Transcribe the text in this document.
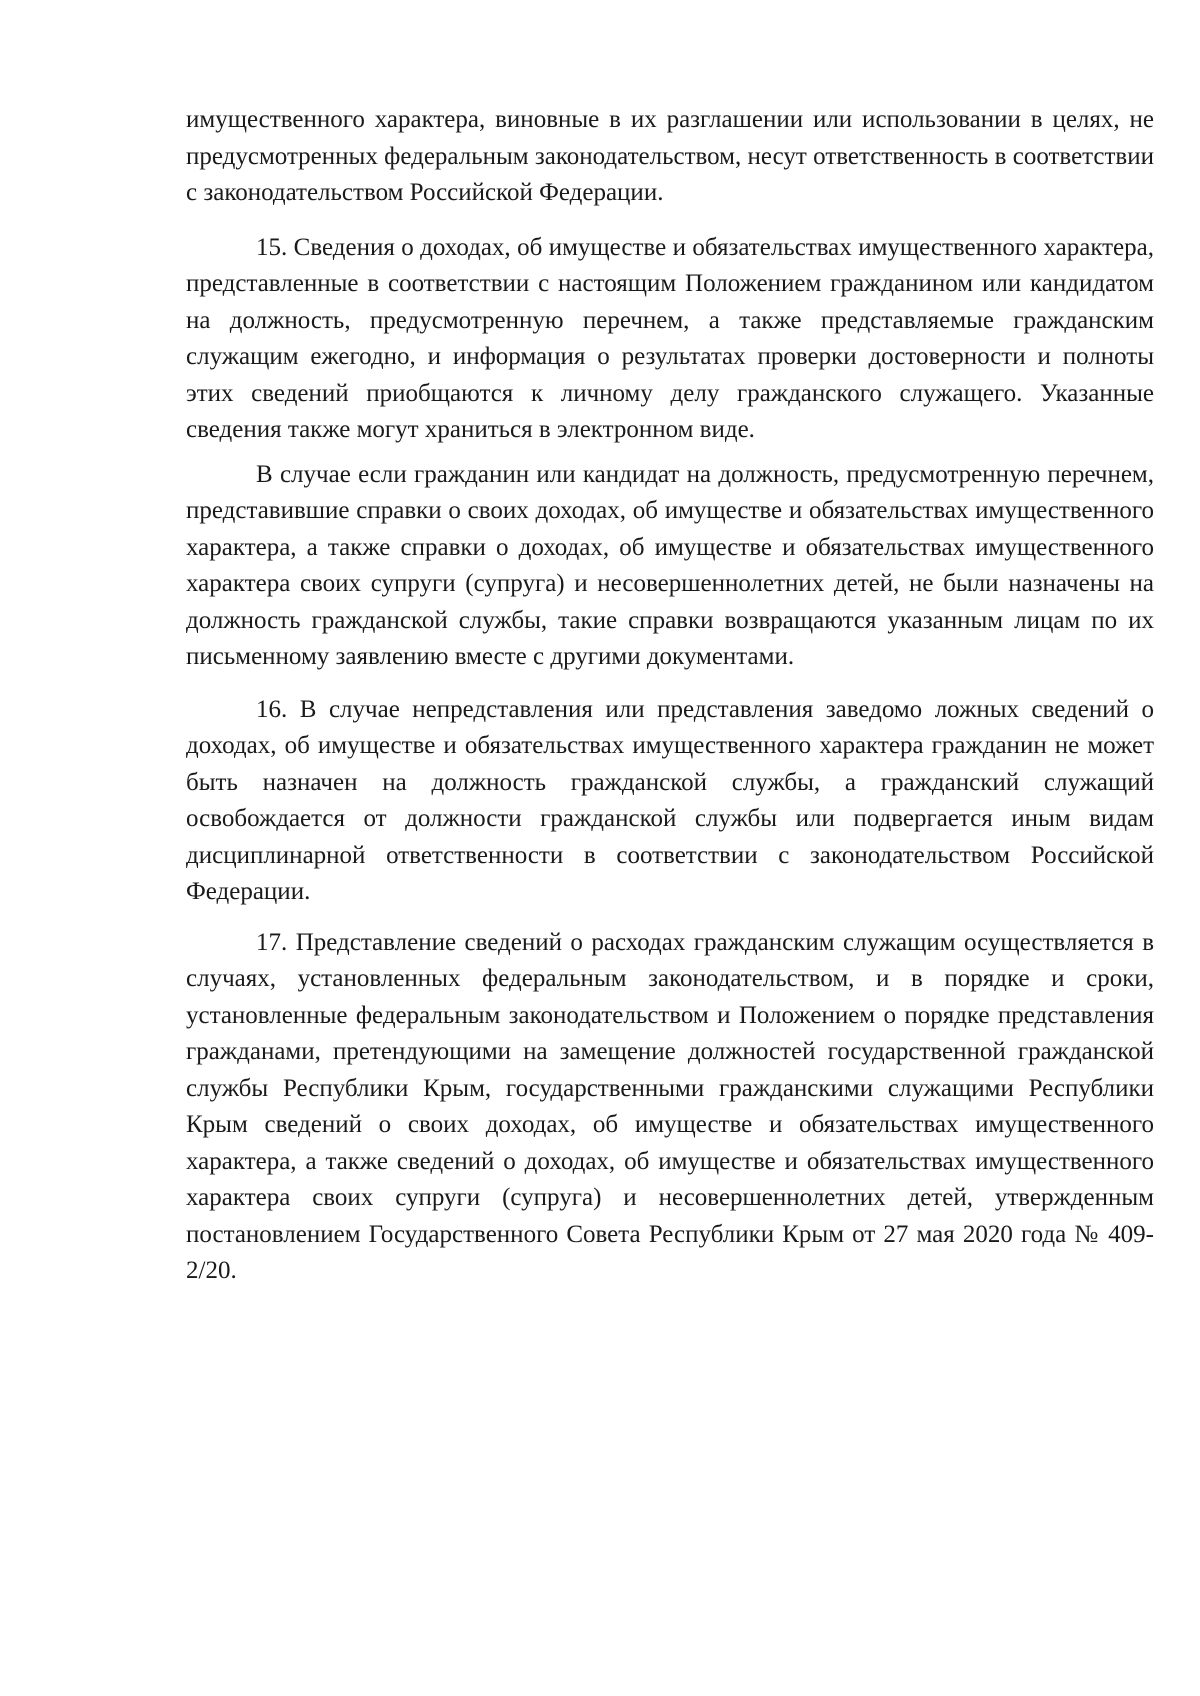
имущественного характера, виновные в их разглашении или использовании в целях, не предусмотренных федеральным законодательством, несут ответственность в соответствии с законодательством Российской Федерации.

15. Сведения о доходах, об имуществе и обязательствах имущественного характера, представленные в соответствии с настоящим Положением гражданином или кандидатом на должность, предусмотренную перечнем, а также представляемые гражданским служащим ежегодно, и информация о результатах проверки достоверности и полноты этих сведений приобщаются к личному делу гражданского служащего. Указанные сведения также могут храниться в электронном виде.

В случае если гражданин или кандидат на должность, предусмотренную перечнем, представившие справки о своих доходах, об имуществе и обязательствах имущественного характера, а также справки о доходах, об имуществе и обязательствах имущественного характера своих супруги (супруга) и несовершеннолетних детей, не были назначены на должность гражданской службы, такие справки возвращаются указанным лицам по их письменному заявлению вместе с другими документами.

16. В случае непредставления или представления заведомо ложных сведений о доходах, об имуществе и обязательствах имущественного характера гражданин не может быть назначен на должность гражданской службы, а гражданский служащий освобождается от должности гражданской службы или подвергается иным видам дисциплинарной ответственности в соответствии с законодательством Российской Федерации.

17. Представление сведений о расходах гражданским служащим осуществляется в случаях, установленных федеральным законодательством, и в порядке и сроки, установленные федеральным законодательством и Положением о порядке представления гражданами, претендующими на замещение должностей государственной гражданской службы Республики Крым, государственными гражданскими служащими Республики Крым сведений о своих доходах, об имуществе и обязательствах имущественного характера, а также сведений о доходах, об имуществе и обязательствах имущественного характера своих супруги (супруга) и несовершеннолетних детей, утвержденным постановлением Государственного Совета Республики Крым от 27 мая 2020 года № 409-2/20.
